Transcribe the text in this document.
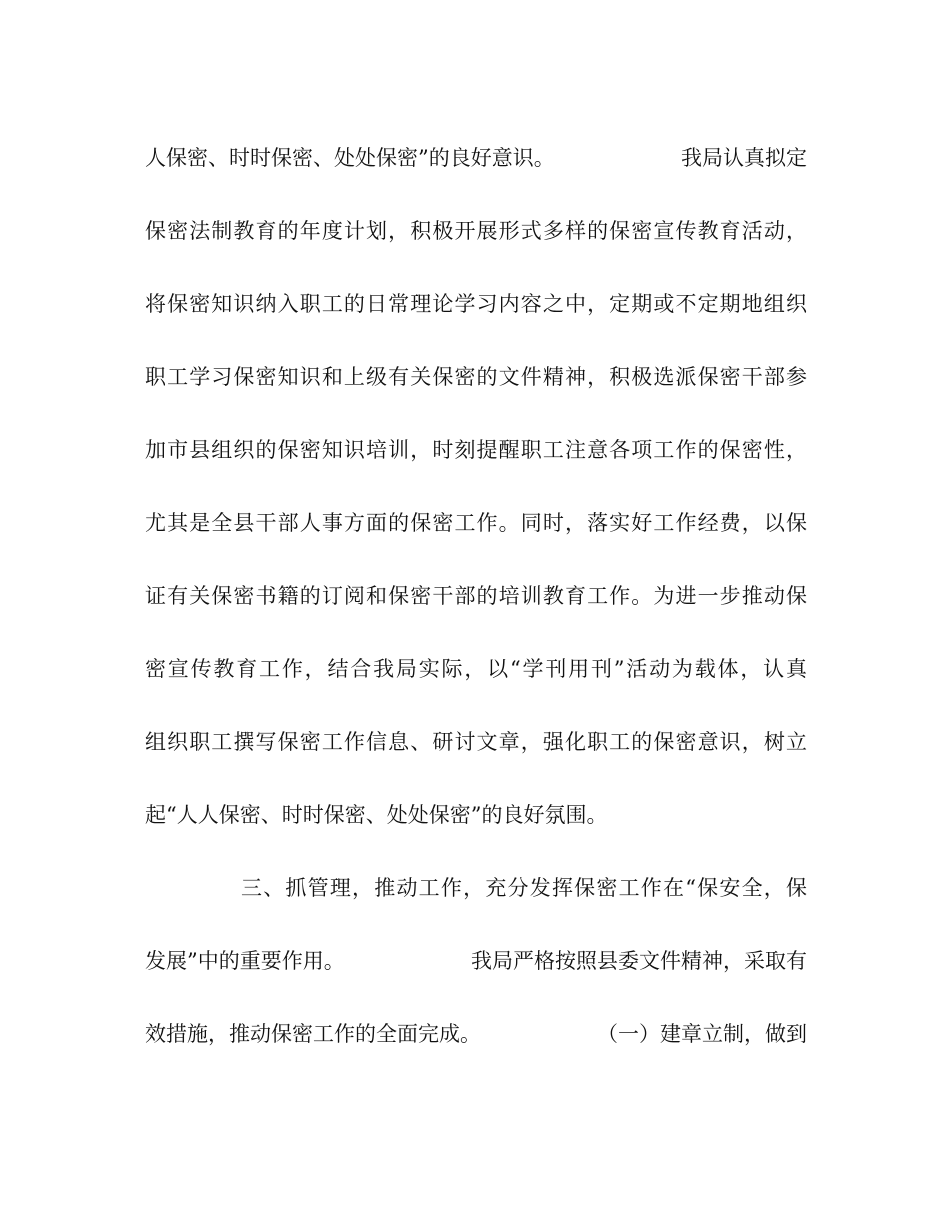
人保密、时时保密、处处保密”的良好意识。	我局认真拟定
保密法制教育的年度计划，积极开展形式多样的保密宣传教育活动，
将保密知识纳入职工的日常理论学习内容之中，定期或不定期地组织
职工学习保密知识和上级有关保密的文件精神，积极选派保密干部参
加市县组织的保密知识培训，时刻提醒职工注意各项工作的保密性，
尤其是全县干部人事方面的保密工作。同时，落实好工作经费，以保
证有关保密书籍的订阅和保密干部的培训教育工作。为进一步推动保
密宣传教育工作，结合我局实际，以“学刊用刊”活动为载体，认真
组织职工撰写保密工作信息、研讨文章，强化职工的保密意识，树立
起“人人保密、时时保密、处处保密”的良好氛围。
三、抓管理，推动工作，充分发挥保密工作在“保安全，保
发展”中的重要作用。	我局严格按照县委文件精神，采取有
效措施，推动保密工作的全面完成。	（一）建章立制，做到
